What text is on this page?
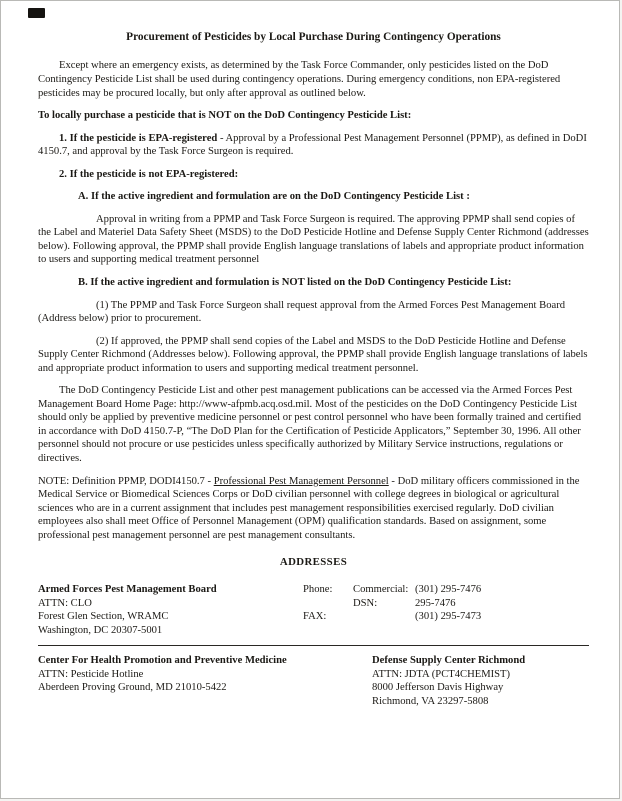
Procurement of Pesticides by Local Purchase During Contingency Operations

Except where an emergency exists, as determined by the Task Force Commander, only pesticides listed on the DoD Contingency Pesticide List shall be used during contingency operations. During emergency conditions, non EPA-registered pesticides may be procured locally, but only after approval as outlined below.

To locally purchase a pesticide that is NOT on the DoD Contingency Pesticide List:

1. If the pesticide is EPA-registered - Approval by a Professional Pest Management Personnel (PPMP), as defined in DoDI 4150.7, and approval by the Task Force Surgeon is required.

2. If the pesticide is not EPA-registered:

A. If the active ingredient and formulation are on the DoD Contingency Pesticide List :

Approval in writing from a PPMP and Task Force Surgeon is required. The approving PPMP shall send copies of the Label and Materiel Data Safety Sheet (MSDS) to the DoD Pesticide Hotline and Defense Supply Center Richmond (addresses below). Following approval, the PPMP shall provide English language translations of labels and appropriate product information to users and supporting medical treatment personnel

B. If the active ingredient and formulation is NOT listed on the DoD Contingency Pesticide List:

(1) The PPMP and Task Force Surgeon shall request approval from the Armed Forces Pest Management Board (Address below) prior to procurement.

(2) If approved, the PPMP shall send copies of the Label and MSDS to the DoD Pesticide Hotline and Defense Supply Center Richmond (Addresses below). Following approval, the PPMP shall provide English language translations of labels and appropriate product information to users and supporting medical treatment personnel.

The DoD Contingency Pesticide List and other pest management publications can be accessed via the Armed Forces Pest Management Board Home Page: http://www-afpmb.acq.osd.mil. Most of the pesticides on the DoD Contingency Pesticide List should only be applied by preventive medicine personnel or pest control personnel who have been formally trained and certified in accordance with DoD 4150.7-P, “The DoD Plan for the Certification of Pesticide Applicators,” September 30, 1996. All other personnel should not procure or use pesticides unless specifically authorized by Military Service instructions, regulations or directives.

NOTE: Definition PPMP, DODI4150.7 - Professional Pest Management Personnel - DoD military officers commissioned in the Medical Service or Biomedical Sciences Corps or DoD civilian personnel with college degrees in biological or agricultural sciences who are in a current assignment that includes pest management responsibilities exercised regularly. DoD civilian employees also shall meet Office of Personnel Management (OPM) qualification standards. Based on assignment, some professional pest management personnel are pest management consultants.

ADDRESSES
Armed Forces Pest Management Board
ATTN: CLO
Forest Glen Section, WRAMC
Washington, DC 20307-5001
Phone:	Commercial: (301) 295-7476
DSN:	295-7476
FAX:	(301) 295-7473
Center For Health Promotion and Preventive Medicine
ATTN: Pesticide Hotline
Aberdeen Proving Ground, MD 21010-5422
Defense Supply Center Richmond
ATTN: JDTA (PCT4CHEMIST)
8000 Jefferson Davis Highway
Richmond, VA 23297-5808
